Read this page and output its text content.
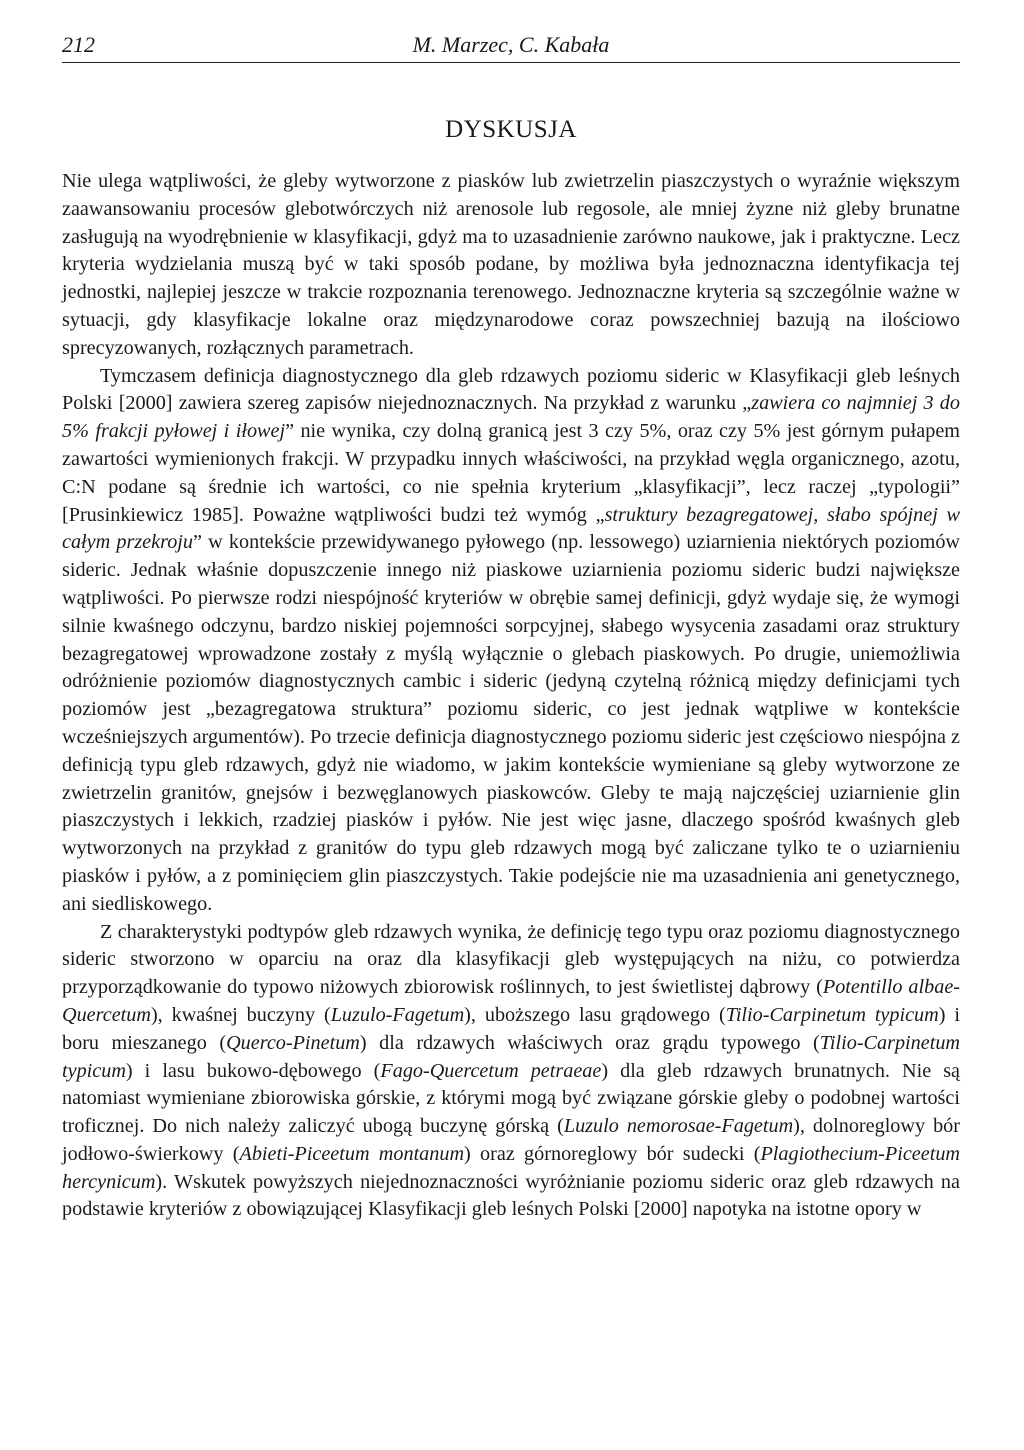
212	M. Marzec, C. Kabała
DYSKUSJA

Nie ulega wątpliwości, że gleby wytworzone z piasków lub zwietrzelin piaszczystych o wyraźnie większym zaawansowaniu procesów glebotwórczych niż arenosole lub regosole, ale mniej żyzne niż gleby brunatne zasługują na wyodrębnienie w klasyfikacji, gdyż ma to uzasadnienie zarówno naukowe, jak i praktyczne. Lecz kryteria wydzielania muszą być w taki sposób podane, by możliwa była jednoznaczna identyfikacja tej jednostki, najlepiej jeszcze w trakcie rozpoznania terenowego. Jednoznaczne kryteria są szczególnie ważne w sytuacji, gdy klasyfikacje lokalne oraz międzynarodowe coraz powszechniej bazują na ilościowo sprecyzowanych, rozłącznych parametrach.

Tymczasem definicja diagnostycznego dla gleb rdzawych poziomu sideric w Klasyfikacji gleb leśnych Polski [2000] zawiera szereg zapisów niejednoznacznych. Na przykład z warunku „zawiera co najmniej 3 do 5% frakcji pyłowej i iłowej” nie wynika, czy dolną granicą jest 3 czy 5%, oraz czy 5% jest górnym pułapem zawartości wymienionych frakcji. W przypadku innych właściwości, na przykład węgla organicznego, azotu, C:N podane są średnie ich wartości, co nie spełnia kryterium „klasyfikacji”, lecz raczej „typologii” [Prusinkiewicz 1985]. Poważne wątpliwości budzi też wymóg „struktury bezagregatowej, słabo spójnej w całym przekroju” w kontekście przewidywanego pyłowego (np. lessowego) uziarnienia niektórych poziomów sideric. Jednak właśnie dopuszczenie innego niż piaskowe uziarnienia poziomu sideric budzi największe wątpliwości. Po pierwsze rodzi niespójność kryteriów w obrębie samej definicji, gdyż wydaje się, że wymogi silnie kwaśnego odczynu, bardzo niskiej pojemności sorpcyjnej, słabego wysycenia zasadami oraz struktury bezagregatowej wprowadzone zostały z myślą wyłącznie o glebach piaskowych. Po drugie, uniemożliwia odróżnienie poziomów diagnostycznych cambic i sideric (jedyną czytelną różnicą między definicjami tych poziomów jest „bezagregatowa struktura” poziomu sideric, co jest jednak wątpliwe w kontekście wcześniejszych argumentów). Po trzecie definicja diagnostycznego poziomu sideric jest częściowo niespójna z definicją typu gleb rdzawych, gdyż nie wiadomo, w jakim kontekście wymieniane są gleby wytworzone ze zwietrzelin granitów, gnejsów i bezwęglanowych piaskowców. Gleby te mają najczęściej uziarnienie glin piaszczystych i lekkich, rzadziej piasków i pyłów. Nie jest więc jasne, dlaczego spośród kwaśnych gleb wytworzonych na przykład z granitów do typu gleb rdzawych mogą być zaliczane tylko te o uziarnieniu piasków i pyłów, a z pominięciem glin piaszczystych. Takie podejście nie ma uzasadnienia ani genetycznego, ani siedliskowego.

Z charakterystyki podtypów gleb rdzawych wynika, że definicję tego typu oraz poziomu diagnostycznego sideric stworzono w oparciu na oraz dla klasyfikacji gleb występujących na niżu, co potwierdza przyporządkowanie do typowo niżowych zbiorowisk roślinnych, to jest świetlistej dąbrowy (Potentillo albae-Quercetum), kwaśnej buczyny (Luzulo-Fagetum), uboższego lasu grądowego (Tilio-Carpinetum typicum) i boru mieszanego (Querco-Pinetum) dla rdzawych właściwych oraz grądu typowego (Tilio-Carpinetum typicum) i lasu bukowo-dębowego (Fago-Quercetum petraeae) dla gleb rdzawych brunatnych. Nie są natomiast wymieniane zbiorowiska górskie, z którymi mogą być związane górskie gleby o podobnej wartości troficznej. Do nich należy zaliczyć ubogą buczynę górską (Luzulo nemorosae-Fagetum), dolnoreglowy bór jodłowo-świerkowy (Abieti-Piceetum montanum) oraz górnoreglowy bór sudecki (Plagiothecium-Piceetum hercynicum). Wskutek powyższych niejednoznaczności wyróżnianie poziomu sideric oraz gleb rdzawych na podstawie kryteriów z obowiązującej Klasyfikacji gleb leśnych Polski [2000] napotyka na istotne opory w
